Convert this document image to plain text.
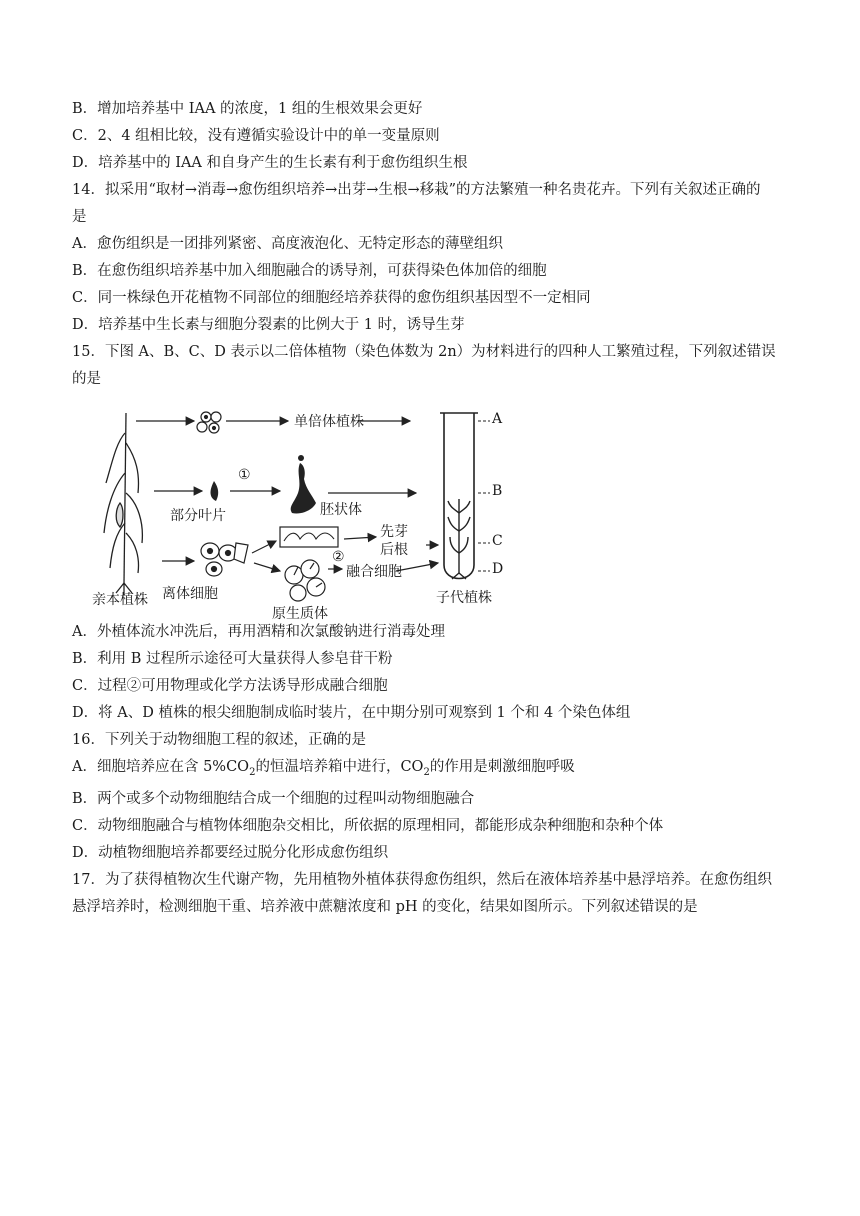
B．增加培养基中 IAA 的浓度，1 组的生根效果会更好
C．2、4 组相比较，没有遵循实验设计中的单一变量原则
D．培养基中的 IAA 和自身产生的生长素有利于愈伤组织生根
14．拟采用“取材→消毒→愈伤组织培养→出芽→生根→移栽”的方法繁殖一种名贵花卉。下列有关叙述正确的
是
A．愈伤组织是一团排列紧密、高度液泡化、无特定形态的薄壁组织
B．在愈伤组织培养基中加入细胞融合的诱导剂，可获得染色体加倍的细胞
C．同一株绿色开花植物不同部位的细胞经培养获得的愈伤组织基因型不一定相同
D．培养基中生长素与细胞分裂素的比例大于 1 时，诱导生芽
15．下图 A、B、C、D 表示以二倍体植物（染色体数为 2n）为材料进行的四种人工繁殖过程，下列叙述错误
的是
单倍体植株
部分叶片
①
胚状体
先芽
后根
②
融合细胞
亲本植株 离体细胞
原生质体
子代植株
A
B
C
D
A．外植体流水冲洗后，再用酒精和次氯酸钠进行消毒处理
B．利用 B 过程所示途径可大量获得人参皂苷干粉
C．过程②可用物理或化学方法诱导形成融合细胞
D．将 A、D 植株的根尖细胞制成临时装片，在中期分别可观察到 1 个和 4 个染色体组
16．下列关于动物细胞工程的叙述，正确的是
A．细胞培养应在含 $5\%CO_2$的恒温培养箱中进行，$CO_2$的作用是刺激细胞呼吸
B．两个或多个动物细胞结合成一个细胞的过程叫动物细胞融合
C．动物细胞融合与植物体细胞杂交相比，所依据的原理相同，都能形成杂种细胞和杂种个体
D．动植物细胞培养都要经过脱分化形成愈伤组织
17．为了获得植物次生代谢产物，先用植物外植体获得愈伤组织，然后在液体培养基中悬浮培养。在愈伤组织
悬浮培养时，检测细胞干重、培养液中蔗糖浓度和 pH 的变化，结果如图所示。下列叙述错误的是
